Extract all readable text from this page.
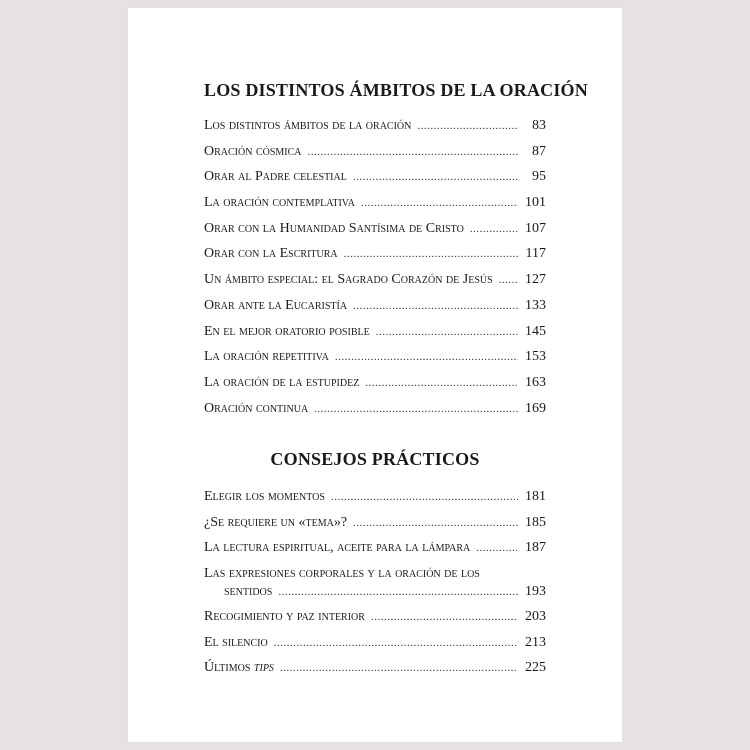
LOS DISTINTOS ÁMBITOS DE LA ORACIÓN
Los distintos ámbitos de la oración .....	83
Oración cósmica .....	87
Orar al Padre celestial .....	95
La oración contemplativa .....	101
Orar con la Humanidad Santísima de Cristo .....	107
Orar con la Escritura .....	117
Un ámbito especial: el Sagrado Corazón de Jesús ..... 127
Orar ante la Eucaristía .....	133
En el mejor oratorio posible .....	145
La oración repetitiva .....	153
La oración de la estupidez .....	163
Oración continua .....	169
CONSEJOS PRÁCTICOS
Elegir los momentos .....	181
¿Se requiere un «tema»? .....	185
La lectura espiritual, aceite para la lámpara .....	187
Las expresiones corporales y la oración de los
sentidos .....	193
Recogimiento y paz interior .....	203
El silencio .....	213
Últimos tips .....	225
